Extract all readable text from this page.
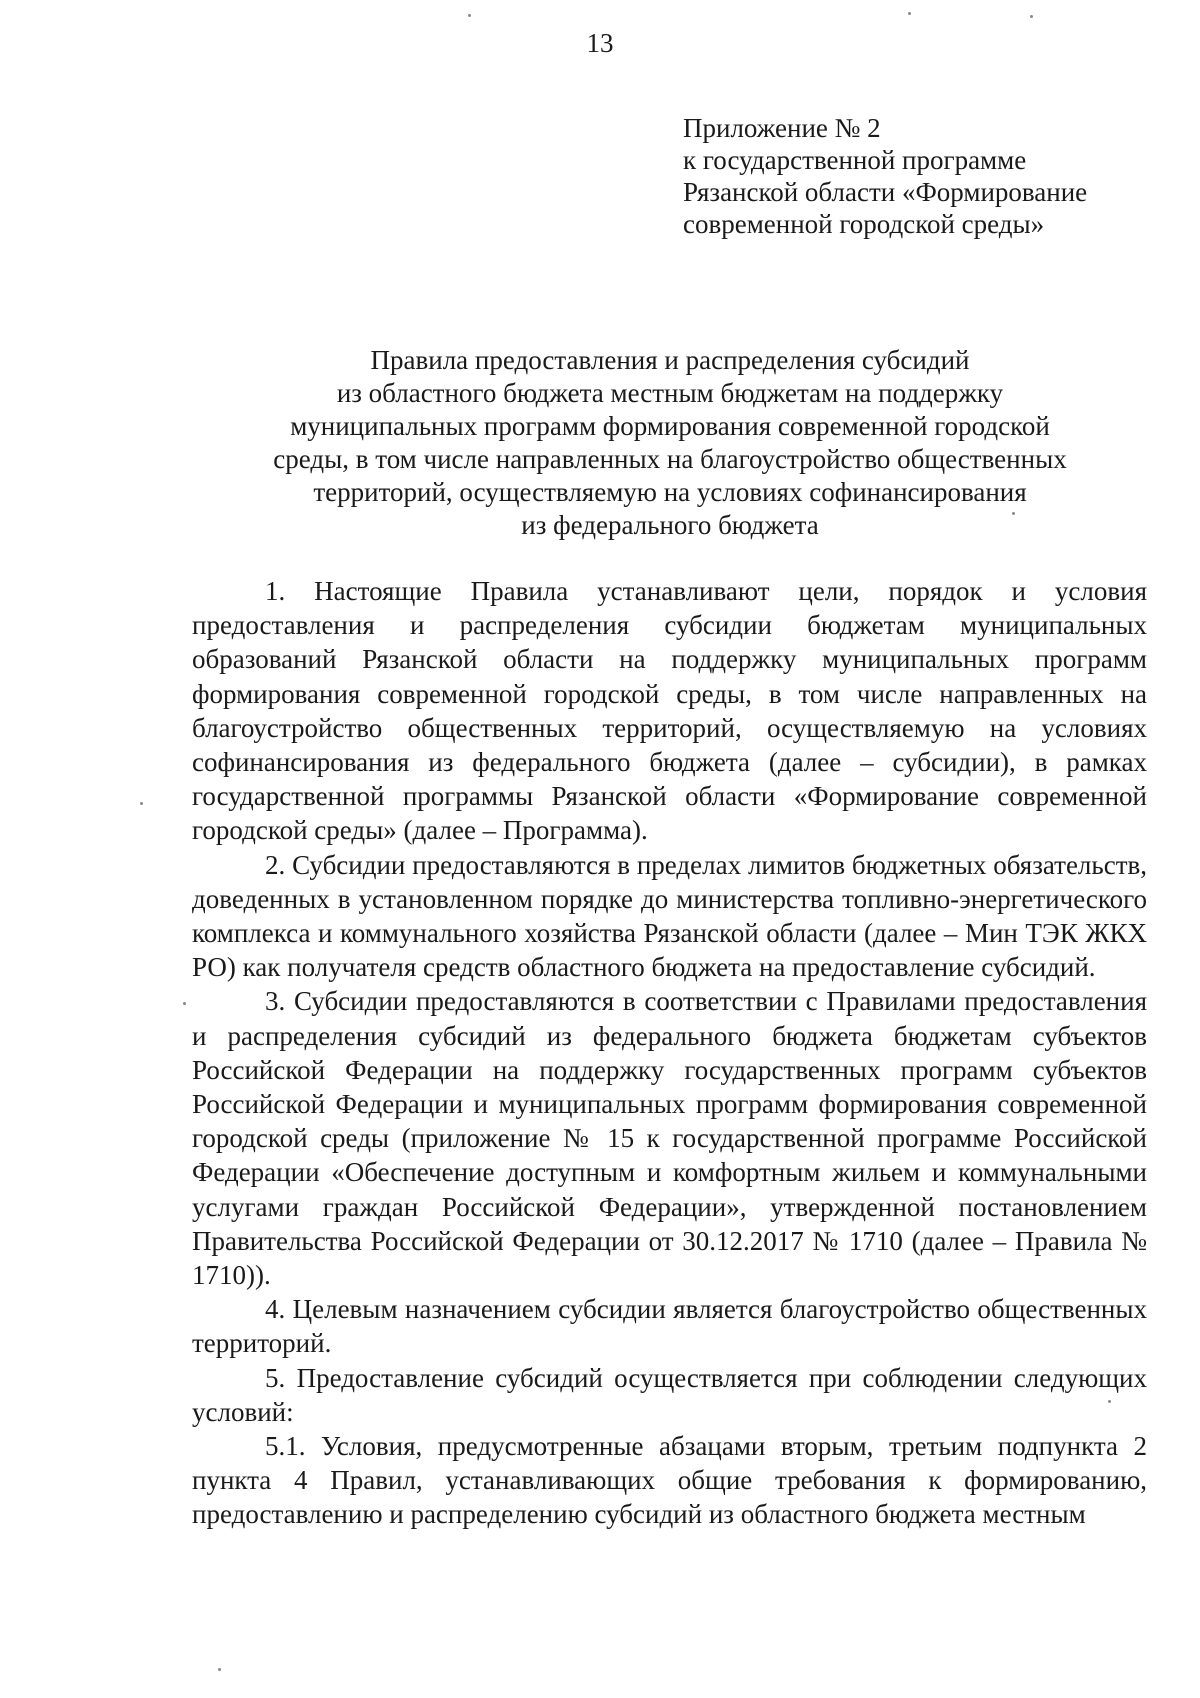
13
Приложение № 2
к государственной программе
Рязанской области «Формирование
современной городской среды»
Правила предоставления и распределения субсидий
из областного бюджета местным бюджетам на поддержку
муниципальных программ формирования современной городской
среды, в том числе направленных на благоустройство общественных
территорий, осуществляемую на условиях софинансирования
из федерального бюджета

1. Настоящие Правила устанавливают цели, порядок и условия предоставления и распределения субсидии бюджетам муниципальных образований Рязанской области на поддержку муниципальных программ формирования современной городской среды, в том числе направленных на благоустройство общественных территорий, осуществляемую на условиях софинансирования из федерального бюджета (далее – субсидии), в рамках государственной программы Рязанской области «Формирование современной городской среды» (далее – Программа).

2. Субсидии предоставляются в пределах лимитов бюджетных обязательств, доведенных в установленном порядке до министерства топливно-энергетического комплекса и коммунального хозяйства Рязанской области (далее – Мин ТЭК ЖКХ РО) как получателя средств областного бюджета на предоставление субсидий.

3. Субсидии предоставляются в соответствии с Правилами предоставления и распределения субсидий из федерального бюджета бюджетам субъектов Российской Федерации на поддержку государственных программ субъектов Российской Федерации и муниципальных программ формирования современной городской среды (приложение № 15 к государственной программе Российской Федерации «Обеспечение доступным и комфортным жильем и коммунальными услугами граждан Российской Федерации», утвержденной постановлением Правительства Российской Федерации от 30.12.2017 № 1710 (далее – Правила № 1710)).

4. Целевым назначением субсидии является благоустройство общественных территорий.

5. Предоставление субсидий осуществляется при соблюдении следующих условий:

5.1. Условия, предусмотренные абзацами вторым, третьим подпункта 2 пункта 4 Правил, устанавливающих общие требования к формированию, предоставлению и распределению субсидий из областного бюджета местным
